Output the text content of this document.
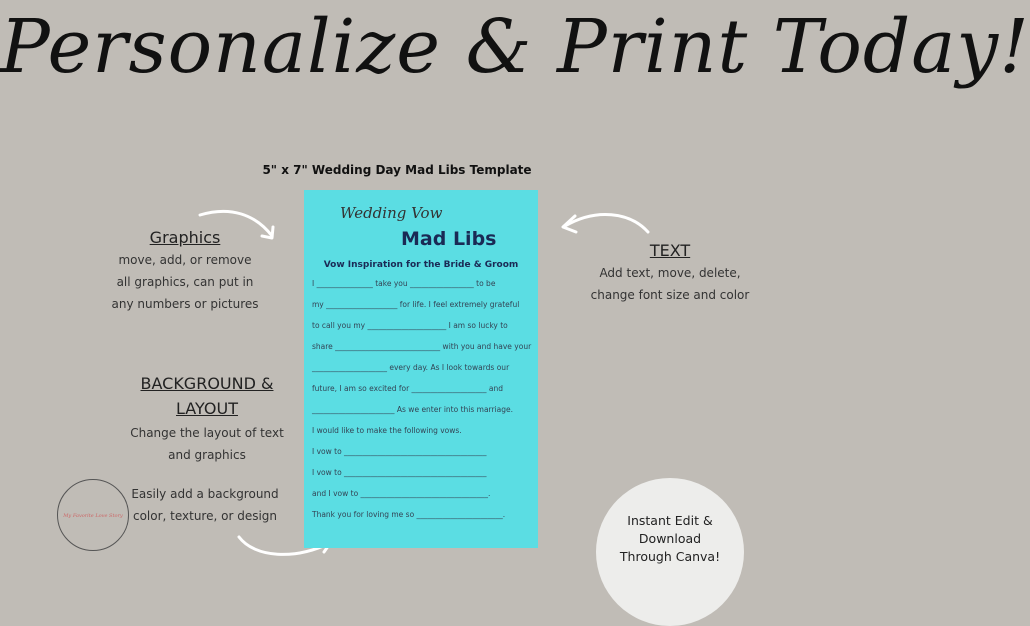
Personalize & Print Today!
5" x 7" Wedding Day Mad Libs Template
Graphics
move, add, or remove
all graphics, can put in
any numbers or pictures
TEXT
Add text, move, delete,
change font size and color
BACKGROUND &
LAYOUT
Change the layout of text
and graphics
Easily add a background
color, texture, or design
My Favorite Love Story
Wedding Vow
Mad Libs
Vow Inspiration for the Bride & Groom
I _______________ take you _________________ to be
my ___________________ for life. I feel extremely grateful
to call you my _____________________ I am so lucky to
share ____________________________ with you and have your
____________________ every day. As I look towards our
future, I am so excited for ____________________ and
______________________ As we enter into this marriage.
I would like to make the following vows.
I vow to ______________________________________
I vow to ______________________________________
and I vow to __________________________________.
Thank you for loving me so _______________________.	Instant Edit &
Download
Through Canva!
